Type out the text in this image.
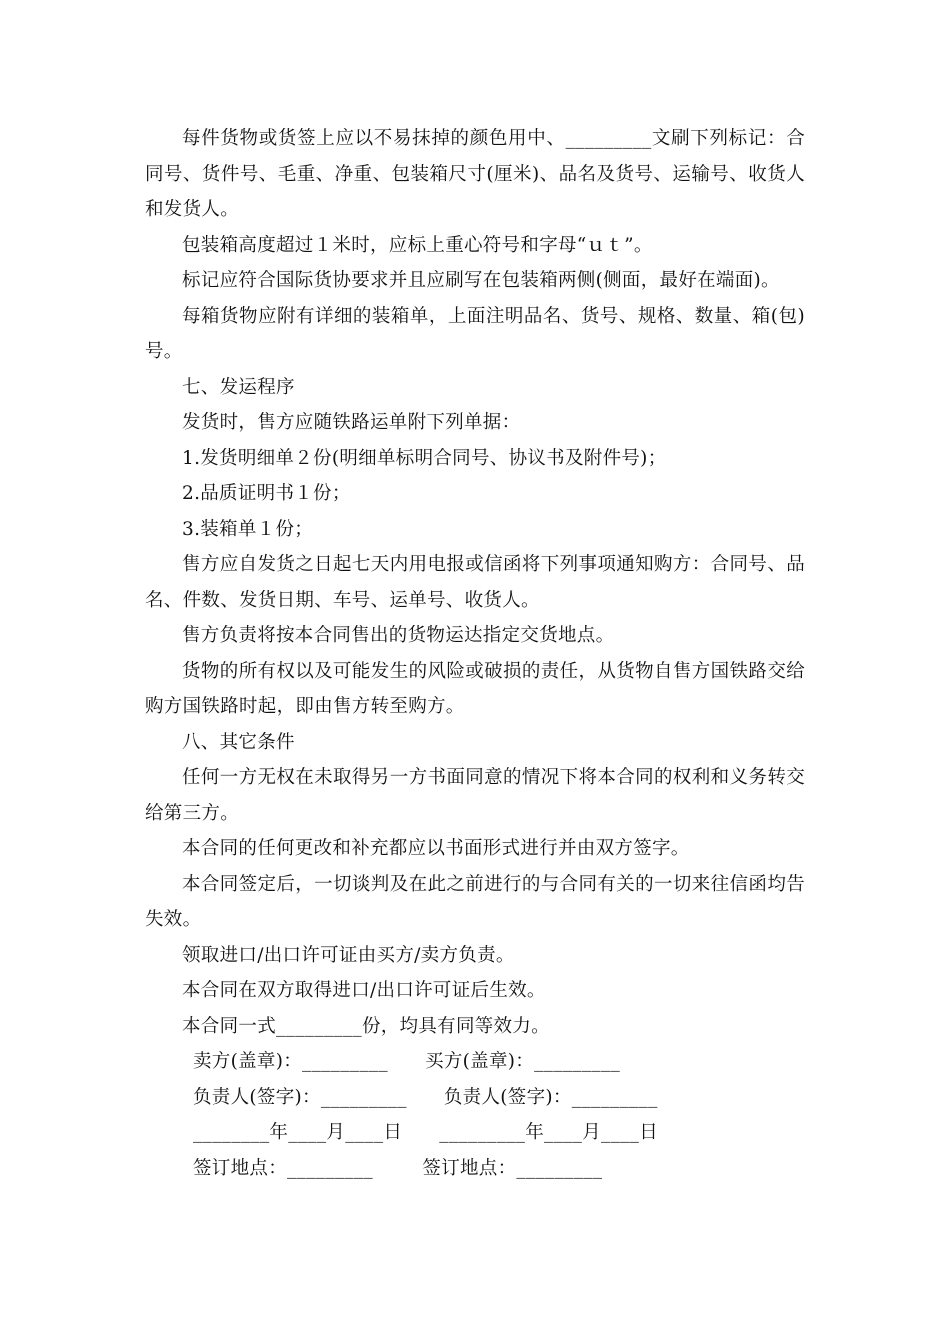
每件货物或货签上应以不易抹掉的颜色用中、_________文刷下列标记：合同号、货件号、毛重、净重、包装箱尺寸(厘米)、品名及货号、运输号、收货人和发货人。

包装箱高度超过１米时，应标上重心符号和字母“ｕｔ”。

标记应符合国际货协要求并且应刷写在包装箱两侧(侧面，最好在端面)。

每箱货物应附有详细的装箱单，上面注明品名、货号、规格、数量、箱(包)号。

七、发运程序

发货时，售方应随铁路运单附下列单据：

1.发货明细单２份(明细单标明合同号、协议书及附件号)；

2.品质证明书１份；

3.装箱单１份；

售方应自发货之日起七天内用电报或信函将下列事项通知购方：合同号、品名、件数、发货日期、车号、运单号、收货人。

售方负责将按本合同售出的货物运达指定交货地点。

货物的所有权以及可能发生的风险或破损的责任，从货物自售方国铁路交给购方国铁路时起，即由售方转至购方。

八、其它条件

任何一方无权在未取得另一方书面同意的情况下将本合同的权利和义务转交给第三方。

本合同的任何更改和补充都应以书面形式进行并由双方签字。

本合同签定后，一切谈判及在此之前进行的与合同有关的一切来往信函均告失效。

领取进口/出口许可证由买方/卖方负责。

本合同在双方取得进口/出口许可证后生效。

本合同一式_________份，均具有同等效力。

卖方(盖章)：_________      买方(盖章)：_________
负责人(签字)：_________      负责人(签字)：_________
________年____月____日      _________年____月____日
签订地点：_________        签订地点：_________
